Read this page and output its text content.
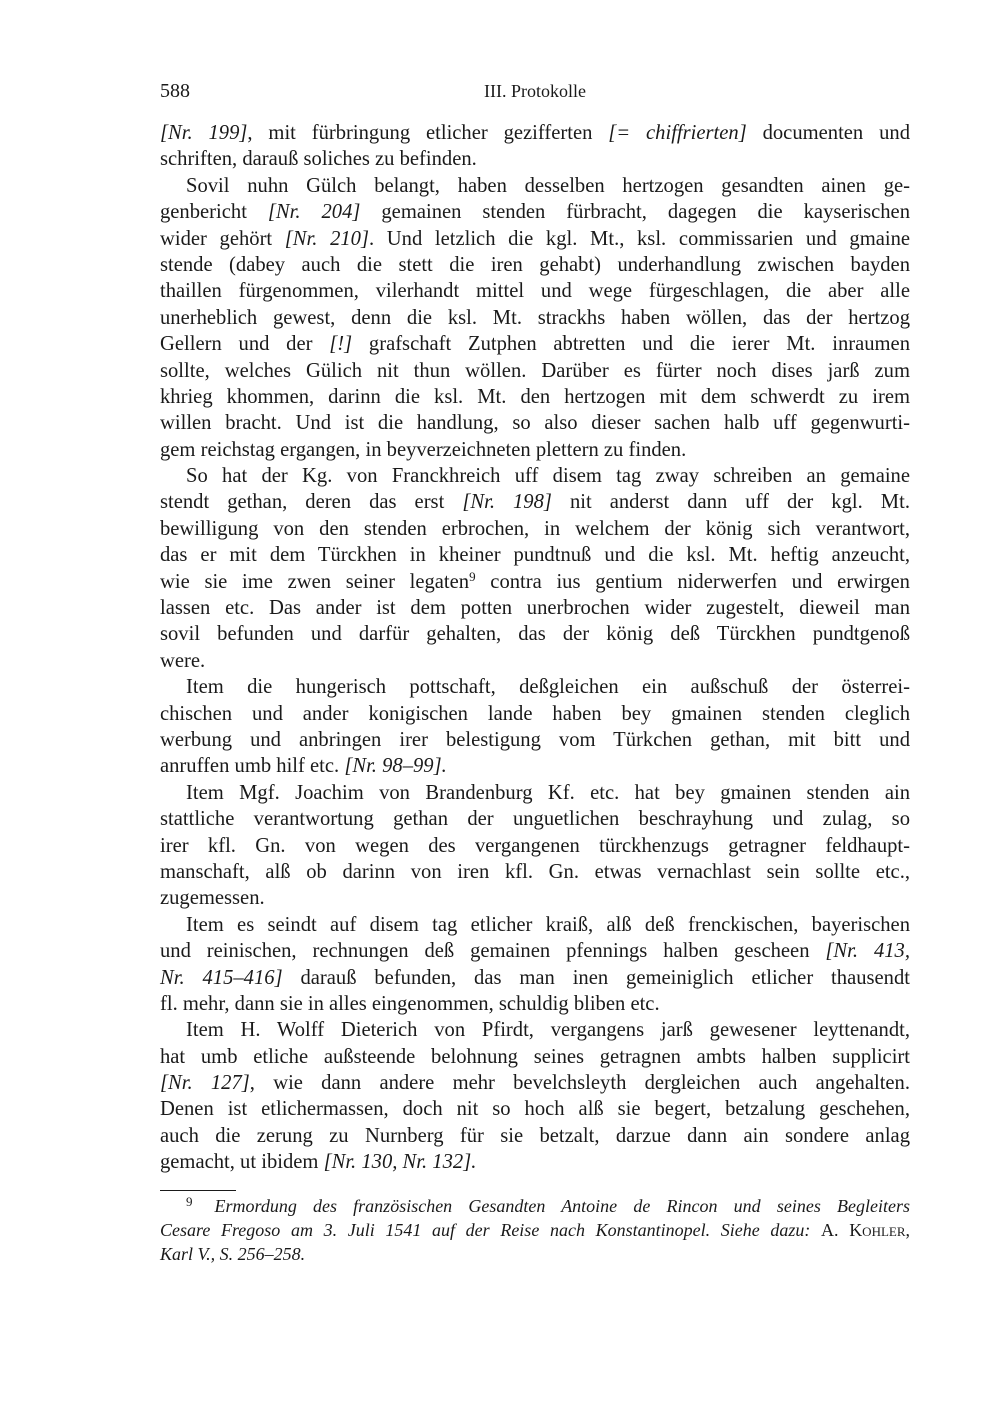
588	III. Protokolle
[Nr. 199], mit fürbringung etlicher gezifferten [= chiffrierten] documenten und
schriften, darauß soliches zu befinden.
Sovil nuhn Gülch belangt, haben desselben hertzogen gesandten ainen ge-
genbericht [Nr. 204] gemainen stenden fürbracht, dagegen die kayserischen
wider gehört [Nr. 210]. Und letzlich die kgl. Mt., ksl. commissarien und gmaine
stende (dabey auch die stett die iren gehabt) underhandlung zwischen bayden
thaillen fürgenommen, vilerhandt mittel und wege fürgeschlagen, die aber alle
unerheblich gewest, denn die ksl. Mt. strackhs haben wöllen, das der hertzog
Gellern und der [!] grafschaft Zutphen abtretten und die ierer Mt. inraumen
sollte, welches Gülich nit thun wöllen. Darüber es fürter noch dises jarß zum
khrieg khommen, darinn die ksl. Mt. den hertzogen mit dem schwerdt zu irem
willen bracht. Und ist die handlung, so also dieser sachen halb uff gegenwurti-
gem reichstag ergangen, in beyverzeichneten plettern zu finden.
So hat der Kg. von Franckhreich uff disem tag zway schreiben an gemaine
stendt gethan, deren das erst [Nr. 198] nit anderst dann uff der kgl. Mt.
bewilligung von den stenden erbrochen, in welchem der könig sich verantwort,
das er mit dem Türckhen in kheiner pundtnuß und die ksl. Mt. heftig anzeucht,
wie sie ime zwen seiner legaten$^9$ contra ius gentium niderwerfen und erwirgen
lassen etc. Das ander ist dem potten unerbrochen wider zugestelt, dieweil man
sovil befunden und darfür gehalten, das der könig deß Türckhen pundtgenoß
were.
Item die hungerisch pottschaft, deßgleichen ein außschuß der österrei-
chischen und ander konigischen lande haben bey gmainen stenden cleglich
werbung und anbringen irer belestigung vom Türkchen gethan, mit bitt und
anruffen umb hilf etc. [Nr. 98–99].
Item Mgf. Joachim von Brandenburg Kf. etc. hat bey gmainen stenden ain
stattliche verantwortung gethan der unguetlichen beschrayhung und zulag, so
irer kfl. Gn. von wegen des vergangenen türckhenzugs getragner feldhaupt-
manschaft, alß ob darinn von iren kfl. Gn. etwas vernachlast sein sollte etc.,
zugemessen.
Item es seindt auf disem tag etlicher kraiß, alß deß frenckischen, bayerischen
und reinischen, rechnungen deß gemainen pfennings halben gescheen [Nr. 413,
Nr. 415–416] darauß befunden, das man inen gemeiniglich etlicher thausendt
fl. mehr, dann sie in alles eingenommen, schuldig bliben etc.
Item H. Wolff Dieterich von Pfirdt, vergangens jarß gewesener leyttenandt,
hat umb etliche außsteende belohnung seines getragnen ambts halben supplicirt
[Nr. 127], wie dann andere mehr bevelchsleyth dergleichen auch angehalten.
Denen ist etlichermassen, doch nit so hoch alß sie begert, betzalung geschehen,
auch die zerung zu Nurnberg für sie betzalt, darzue dann ain sondere anlag
gemacht, ut ibidem [Nr. 130, Nr. 132].
$^9$ Ermordung des französischen Gesandten Antoine de Rincon und seines Begleiters
Cesare Fregoso am 3. Juli 1541 auf der Reise nach Konstantinopel. Siehe dazu: A. Kohler,
Karl V., S. 256–258.
